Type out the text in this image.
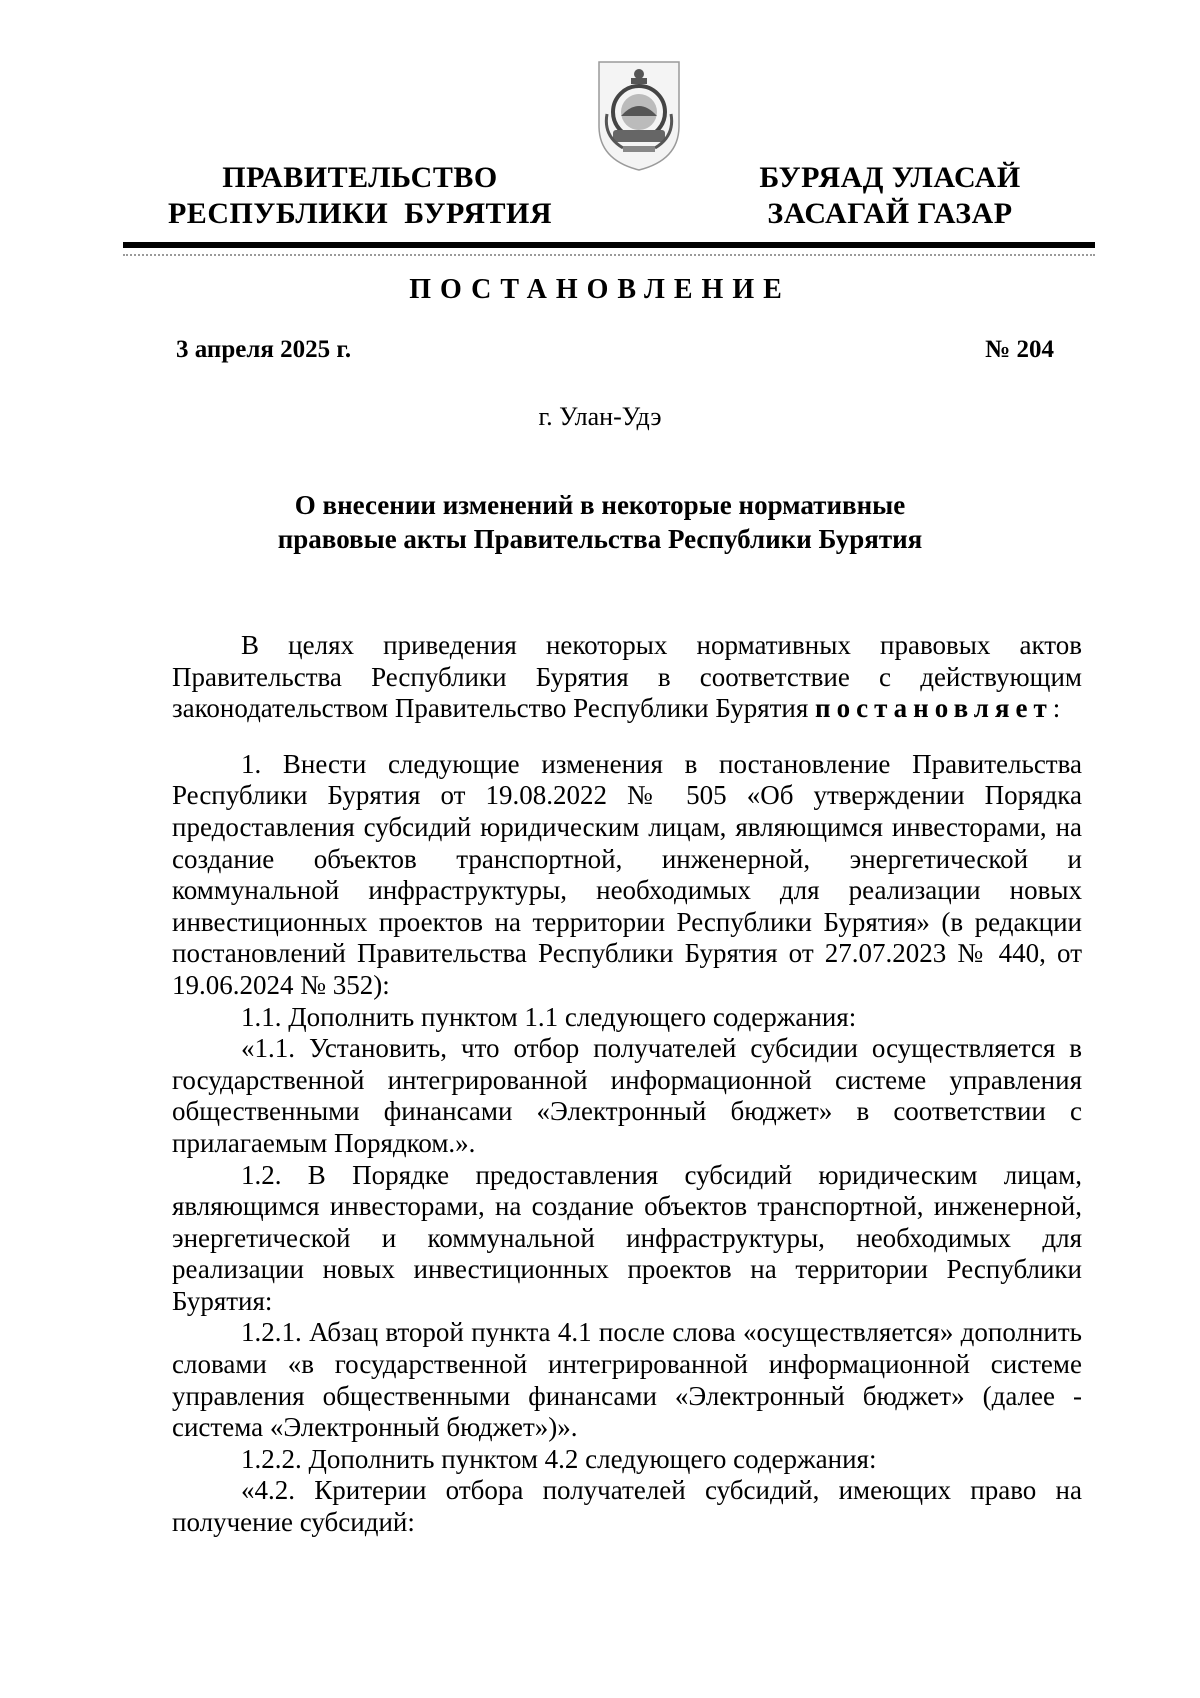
ПРАВИТЕЛЬСТВО
РЕСПУБЛИКИ  БУРЯТИЯ
БУРЯАД УЛАСАЙ
ЗАСАГАЙ ГАЗАР
ПОСТАНОВЛЕНИЕ
3 апреля 2025 г.	№ 204
г. Улан-Удэ
О внесении изменений в некоторые нормативные
правовые акты Правительства Республики Бурятия

В целях приведения некоторых нормативных правовых актов Правительства Республики Бурятия в соответствие с действующим законодательством Правительство Республики Бурятия постановляет:

1. Внести следующие изменения в постановление Правительства Республики Бурятия от 19.08.2022 № 505 «Об утверждении Порядка предоставления субсидий юридическим лицам, являющимся инвесторами, на создание объектов транспортной, инженерной, энергетической и коммунальной инфраструктуры, необходимых для реализации новых инвестиционных проектов на территории Республики Бурятия» (в редакции постановлений Правительства Республики Бурятия от 27.07.2023 № 440, от 19.06.2024 № 352):

1.1. Дополнить пунктом 1.1 следующего содержания:

«1.1. Установить, что отбор получателей субсидии осуществляется в государственной интегрированной информационной системе управления общественными финансами «Электронный бюджет» в соответствии с прилагаемым Порядком.».

1.2. В Порядке предоставления субсидий юридическим лицам, являющимся инвесторами, на создание объектов транспортной, инженерной, энергетической и коммунальной инфраструктуры, необходимых для реализации новых инвестиционных проектов на территории Республики Бурятия:

1.2.1. Абзац второй пункта 4.1 после слова «осуществляется» дополнить словами «в государственной интегрированной информационной системе управления общественными финансами «Электронный бюджет» (далее - система «Электронный бюджет»)».

1.2.2. Дополнить пунктом 4.2 следующего содержания:

«4.2. Критерии отбора получателей субсидий, имеющих право на получение субсидий:
